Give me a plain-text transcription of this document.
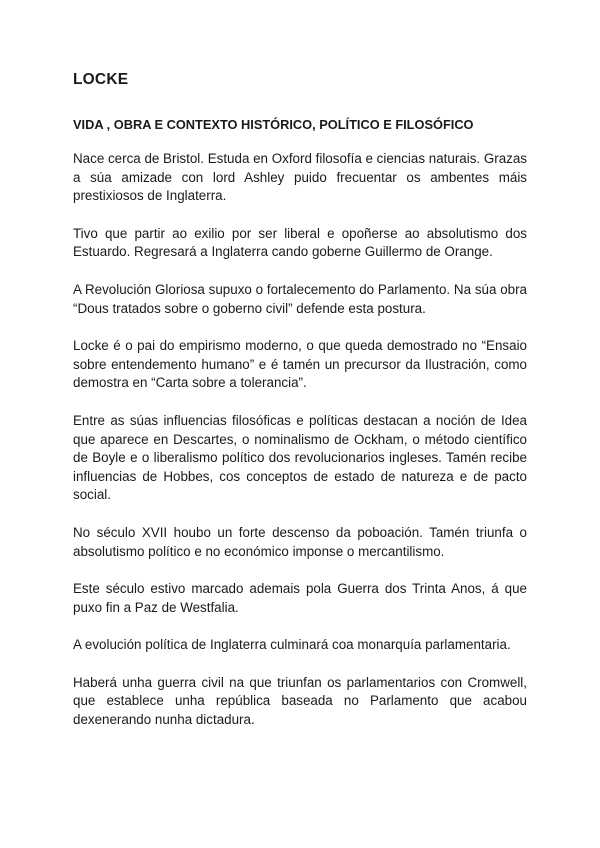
LOCKE
VIDA , OBRA E CONTEXTO HISTÓRICO, POLÍTICO E FILOSÓFICO

Nace cerca de Bristol. Estuda en Oxford filosofía e ciencias naturais. Grazas a súa amizade con lord Ashley puido frecuentar os ambentes máis prestixiosos de Inglaterra.

Tivo que partir ao exilio por ser liberal e opoñerse ao absolutismo dos Estuardo. Regresará a Inglaterra cando goberne Guillermo de Orange.

A Revolución Gloriosa supuxo o fortalecemento do Parlamento. Na súa obra “Dous tratados sobre o goberno civil” defende esta postura.

Locke é o pai do empirismo moderno, o que queda demostrado no “Ensaio sobre entendemento humano” e é tamén un precursor da Ilustración, como demostra en “Carta sobre a tolerancia”.

Entre as súas influencias filosóficas e políticas destacan a noción de Idea que aparece en Descartes, o nominalismo de Ockham, o método científico de Boyle e o liberalismo político dos revolucionarios ingleses. Tamén recibe influencias de Hobbes, cos conceptos de estado de natureza e de pacto social.

No século XVII houbo un forte descenso da poboación. Tamén triunfa o absolutismo político e no económico imponse o mercantilismo.

Este século estivo marcado ademais pola Guerra dos Trinta Anos, á que puxo fin a Paz de Westfalia.

A evolución política de Inglaterra culminará coa monarquía parlamentaria.

Haberá unha guerra civil na que triunfan os parlamentarios con Cromwell, que establece unha república baseada no Parlamento que acabou dexenerando nunha dictadura.
